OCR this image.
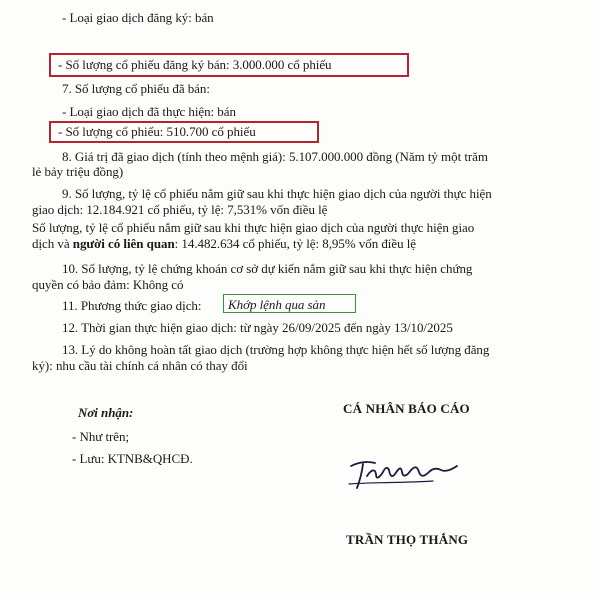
- Loại giao dịch đăng ký: bán
- Số lượng cổ phiếu đăng ký bán: 3.000.000 cổ phiếu
7. Số lượng cổ phiếu đã bán:
- Loại giao dịch đã thực hiện: bán
- Số lượng cổ phiếu: 510.700 cổ phiếu
8. Giá trị đã giao dịch (tính theo mệnh giá): 5.107.000.000 đồng (Năm tỷ một trăm
lẻ bảy triệu đồng)
9. Số lượng, tỷ lệ cổ phiếu nắm giữ sau khi thực hiện giao dịch của người thực hiện
giao dịch: 12.184.921 cổ phiếu, tỷ lệ: 7,531% vốn điều lệ
Số lượng, tỷ lệ cổ phiếu nắm giữ sau khi thực hiện giao dịch của người thực hiện giao
dịch và người có liên quan: 14.482.634 cổ phiếu, tỷ lệ: 8,95% vốn điều lệ
10. Số lượng, tỷ lệ chứng khoán cơ sở dự kiến nắm giữ sau khi thực hiện chứng
quyền có bảo đảm: Không có
11. Phương thức giao dịch: Khớp lệnh qua sàn
12. Thời gian thực hiện giao dịch: từ ngày 26/09/2025 đến ngày 13/10/2025
13. Lý do không hoàn tất giao dịch (trường hợp không thực hiện hết số lượng đăng
ký): nhu cầu tài chính cá nhân có thay đổi
Nơi nhận:
- Như trên;
- Lưu: KTNB&QHCĐ.
CÁ NHÂN BÁO CÁO
TRẦN THỌ THẮNG
